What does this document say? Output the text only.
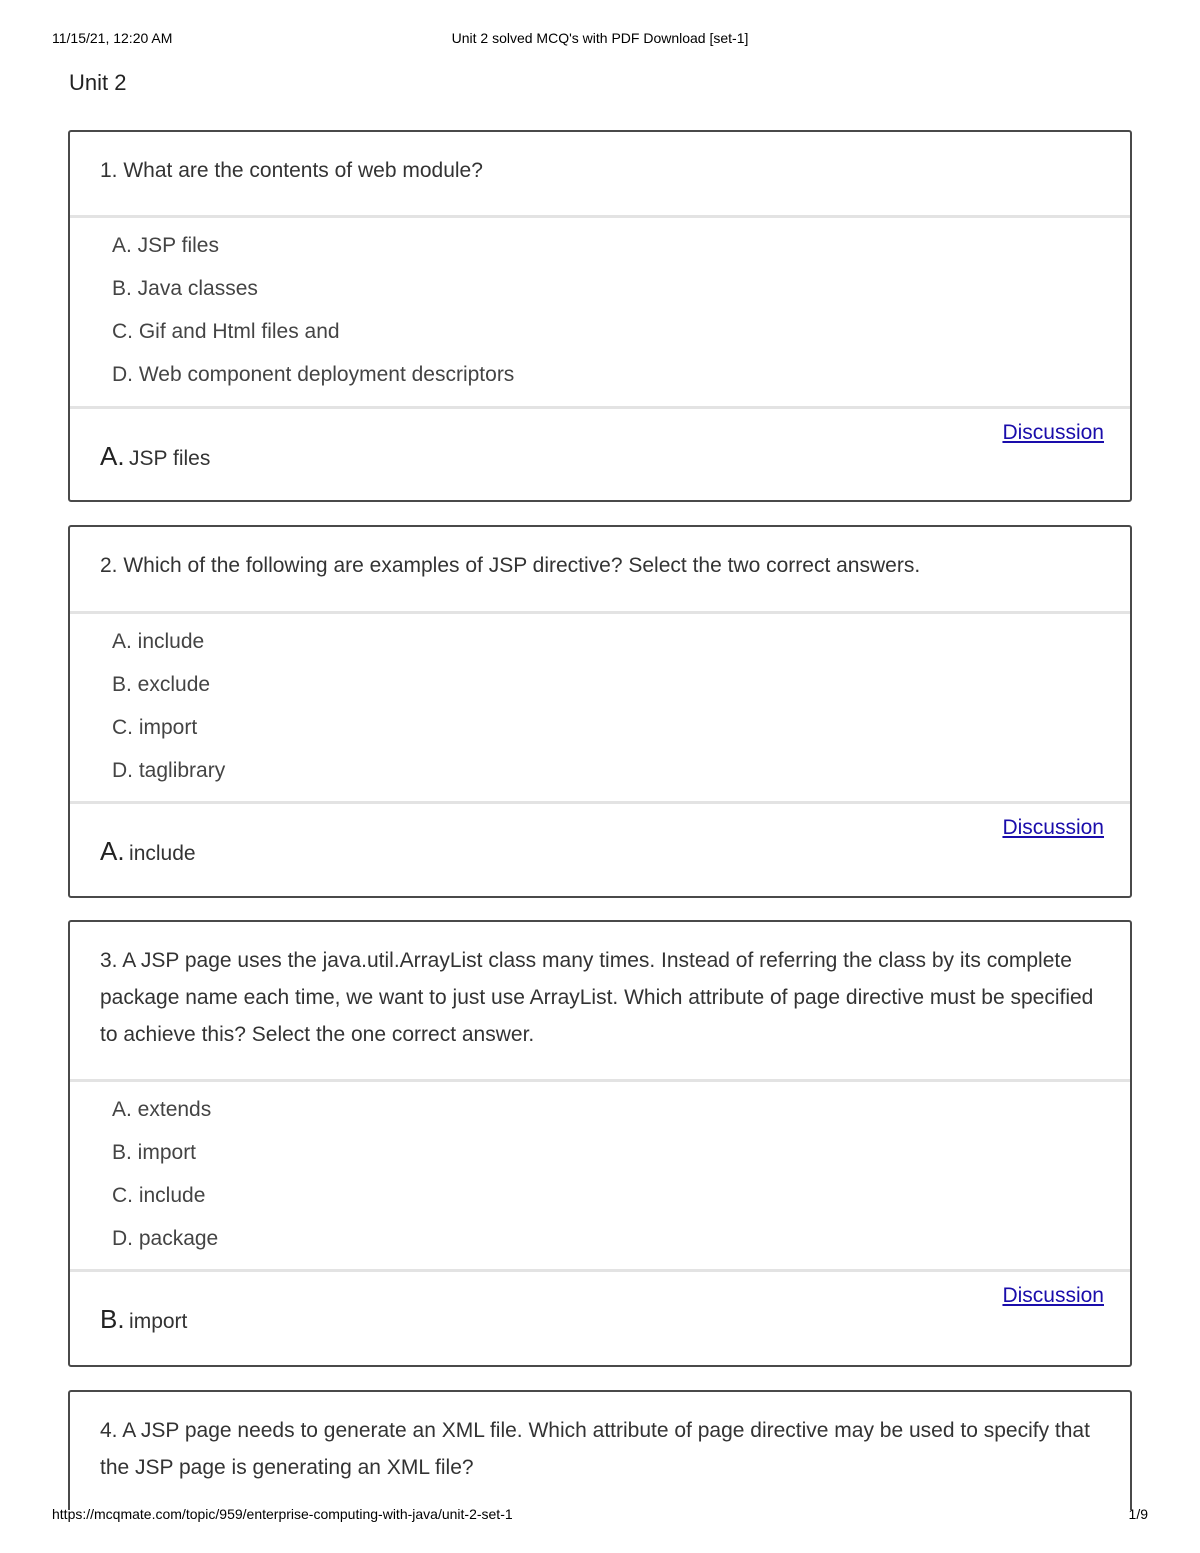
11/15/21, 12:20 AM	Unit 2 solved MCQ's with PDF Download [set-1]
Unit 2
1. What are the contents of web module?
A. JSP files
B. Java classes
C. Gif and Html files and
D. Web component deployment descriptors
Discussion
A. JSP files
2. Which of the following are examples of JSP directive? Select the two correct answers.
A. include
B. exclude
C. import
D. taglibrary
Discussion
A. include
3. A JSP page uses the java.util.ArrayList class many times. Instead of referring the class by its complete package name each time, we want to just use ArrayList. Which attribute of page directive must be specified to achieve this? Select the one correct answer.
A. extends
B. import
C. include
D. package
Discussion
B. import
4. A JSP page needs to generate an XML file. Which attribute of page directive may be used to specify that the JSP page is generating an XML file?
https://mcqmate.com/topic/959/enterprise-computing-with-java/unit-2-set-1	1/9
